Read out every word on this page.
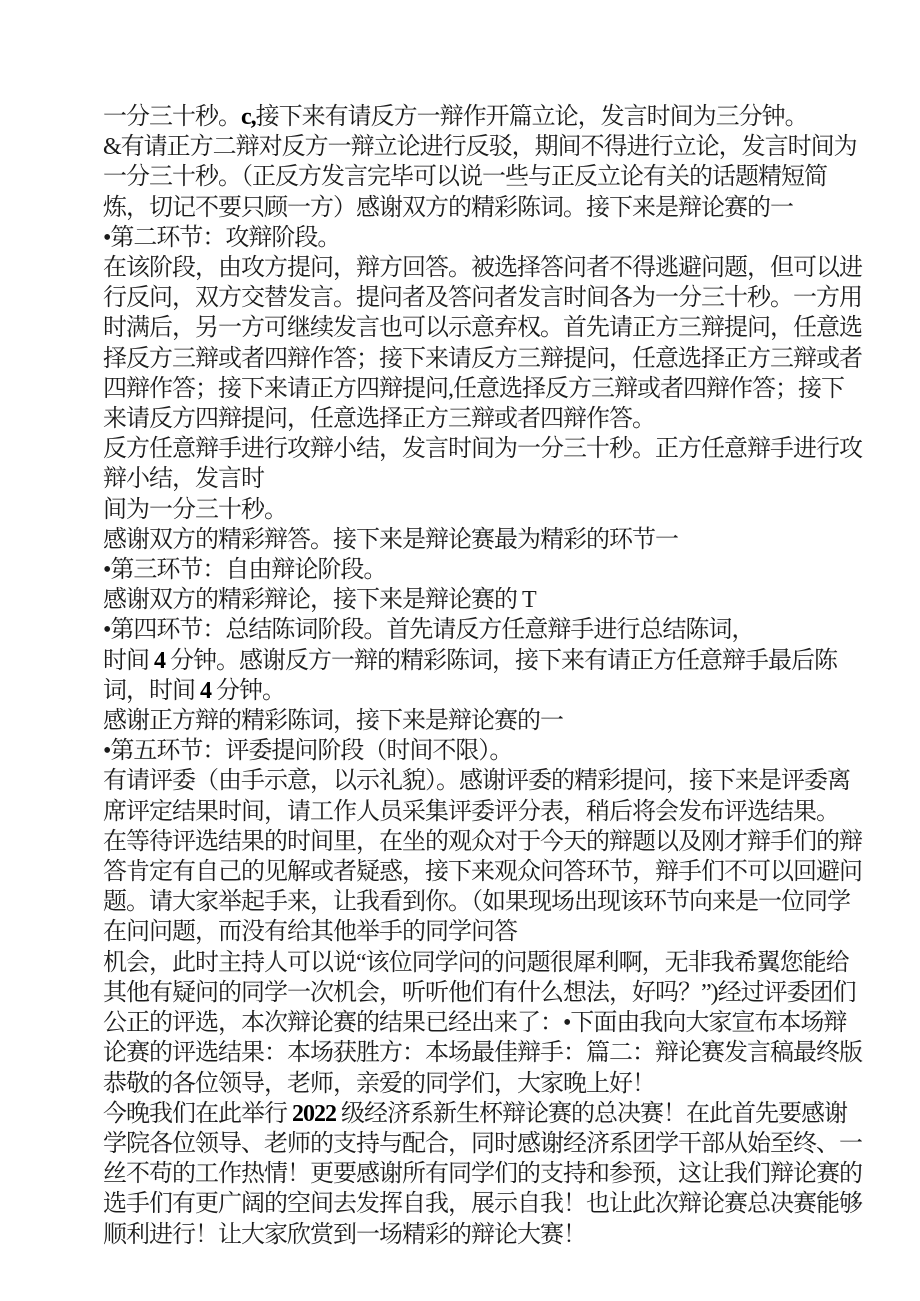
一分三十秒。c,接下来有请反方一辩作开篇立论，发言时间为三分钟。
&有请正方二辩对反方一辩立论进行反驳，期间不得进行立论，发言时间为
一分三十秒。（正反方发言完毕可以说一些与正反立论有关的话题精短简
炼，切记不要只顾一方）感谢双方的精彩陈词。接下来是辩论赛的一
•第二环节：攻辩阶段。
在该阶段，由攻方提问，辩方回答。被选择答问者不得逃避问题，但可以进
行反问，双方交替发言。提问者及答问者发言时间各为一分三十秒。一方用
时满后，另一方可继续发言也可以示意弃权。首先请正方三辩提问，任意选
择反方三辩或者四辩作答；接下来请反方三辩提问，任意选择正方三辩或者
四辩作答；接下来请正方四辩提问,任意选择反方三辩或者四辩作答；接下
来请反方四辩提问，任意选择正方三辩或者四辩作答。
反方任意辩手进行攻辩小结，发言时间为一分三十秒。正方任意辩手进行攻
辩小结，发言时
间为一分三十秒。
感谢双方的精彩辩答。接下来是辩论赛最为精彩的环节一
•第三环节：自由辩论阶段。
感谢双方的精彩辩论，接下来是辩论赛的 T
•第四环节：总结陈词阶段。首先请反方任意辩手进行总结陈词，
时间 4 分钟。感谢反方一辩的精彩陈词，接下来有请正方任意辩手最后陈
词，时间 4 分钟。
感谢正方辩的精彩陈词，接下来是辩论赛的一
•第五环节：评委提问阶段（时间不限）。
有请评委（由手示意，以示礼貌）。感谢评委的精彩提问，接下来是评委离
席评定结果时间，请工作人员采集评委评分表，稍后将会发布评选结果。
在等待评选结果的时间里，在坐的观众对于今天的辩题以及刚才辩手们的辩
答肯定有自己的见解或者疑惑，接下来观众问答环节，辩手们不可以回避问
题。请大家举起手来，让我看到你。（如果现场出现该环节向来是一位同学
在问问题，而没有给其他举手的同学问答
机会，此时主持人可以说“该位同学问的问题很犀利啊，无非我希翼您能给
其他有疑问的同学一次机会，听听他们有什么想法，好吗？”)经过评委团们
公正的评选，本次辩论赛的结果已经出来了：•下面由我向大家宣布本场辩
论赛的评选结果：本场获胜方：本场最佳辩手：篇二：辩论赛发言稿最终版
恭敬的各位领导，老师，亲爱的同学们，大家晚上好！
今晚我们在此举行 2022 级经济系新生杯辩论赛的总决赛！在此首先要感谢
学院各位领导、老师的支持与配合，同时感谢经济系团学干部从始至终、一
丝不苟的工作热情！更要感谢所有同学们的支持和参预，这让我们辩论赛的
选手们有更广阔的空间去发挥自我，展示自我！也让此次辩论赛总决赛能够
顺利进行！让大家欣赏到一场精彩的辩论大赛！
